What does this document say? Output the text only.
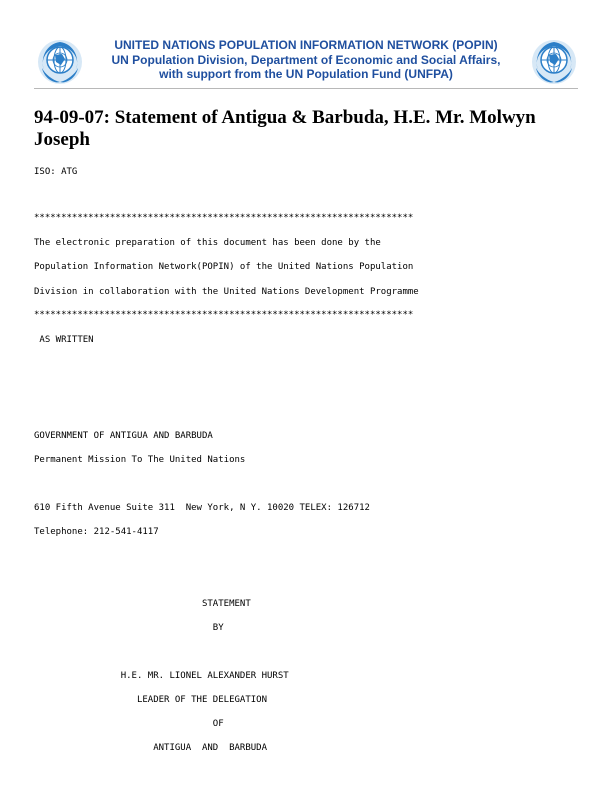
UNITED NATIONS POPULATION INFORMATION NETWORK (POPIN)
UN Population Division, Department of Economic and Social Affairs,
with support from the UN Population Fund (UNFPA)
94-09-07: Statement of Antigua & Barbuda, H.E. Mr. Molwyn Joseph
ISO: ATG
**********************************************************************
The electronic preparation of this document has been done by the
Population Information Network(POPIN) of the United Nations Population
Division in collaboration with the United Nations Development Programme
**********************************************************************
AS WRITTEN
GOVERNMENT OF ANTIGUA AND BARBUDA
Permanent Mission To The United Nations
610 Fifth Avenue Suite 311  New York, N Y. 10020 TELEX: 126712
Telephone: 212-541-4117
STATEMENT
BY
H.E. MR. LIONEL ALEXANDER HURST
LEADER OF THE DELEGATION
OF
ANTIGUA  AND  BARBUDA
